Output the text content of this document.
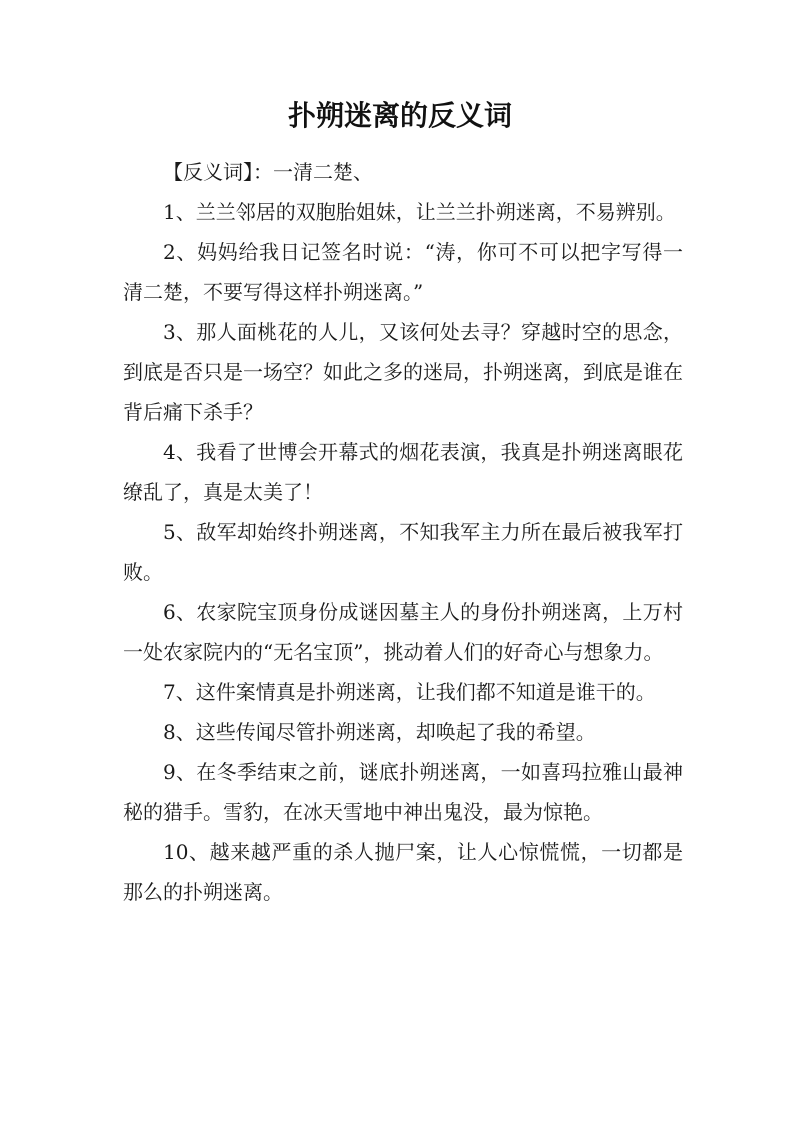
扑朔迷离的反义词

【反义词】：一清二楚、

1、兰兰邻居的双胞胎姐妹，让兰兰扑朔迷离，不易辨别。

2、妈妈给我日记签名时说：“涛，你可不可以把字写得一清二楚，不要写得这样扑朔迷离。”

3、那人面桃花的人儿，又该何处去寻？穿越时空的思念，到底是否只是一场空？如此之多的迷局，扑朔迷离，到底是谁在背后痛下杀手？

4、我看了世博会开幕式的烟花表演，我真是扑朔迷离眼花缭乱了，真是太美了！

5、敌军却始终扑朔迷离，不知我军主力所在最后被我军打败。

6、农家院宝顶身份成谜因墓主人的身份扑朔迷离，上万村一处农家院内的“无名宝顶”，挑动着人们的好奇心与想象力。

7、这件案情真是扑朔迷离，让我们都不知道是谁干的。

8、这些传闻尽管扑朔迷离，却唤起了我的希望。

9、在冬季结束之前，谜底扑朔迷离，一如喜玛拉雅山最神秘的猎手。雪豹，在冰天雪地中神出鬼没，最为惊艳。

10、越来越严重的杀人抛尸案，让人心惊慌慌，一切都是那么的扑朔迷离。
